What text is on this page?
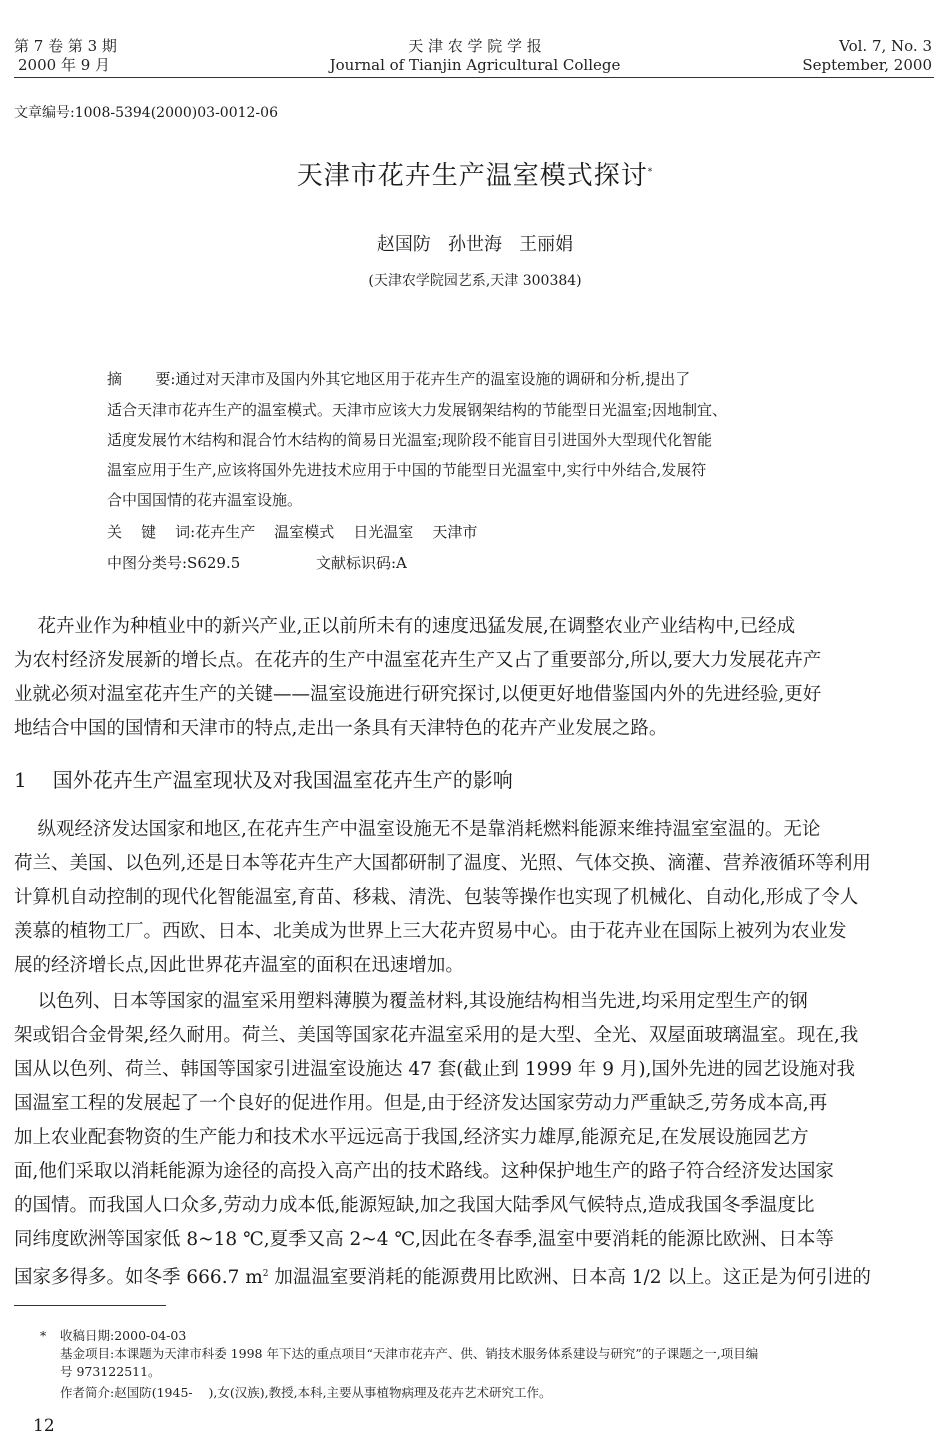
第 7 卷 第 3 期
2000 年 9 月
天 津 农 学 院 学 报
Journal of Tianjin Agricultural College
Vol. 7, No. 3
September, 2000
文章编号:1008-5394(2000)03-0012-06
天津市花卉生产温室模式探讨*
赵国防   孙世海   王丽娟
(天津农学院园艺系,天津 300384)
摘       要:通过对天津市及国内外其它地区用于花卉生产的温室设施的调研和分析,提出了
适合天津市花卉生产的温室模式。天津市应该大力发展钢架结构的节能型日光温室;因地制宜、
适度发展竹木结构和混合竹木结构的简易日光温室;现阶段不能盲目引进国外大型现代化智能
温室应用于生产,应该将国外先进技术应用于中国的节能型日光温室中,实行中外结合,发展符
合中国国情的花卉温室设施。
关    键    词:花卉生产    温室模式    日光温室    天津市
中图分类号:S629.5	文献标识码:A
花卉业作为种植业中的新兴产业,正以前所未有的速度迅猛发展,在调整农业产业结构中,已经成
为农村经济发展新的增长点。在花卉的生产中温室花卉生产又占了重要部分,所以,要大力发展花卉产
业就必须对温室花卉生产的关键——温室设施进行研究探讨,以便更好地借鉴国内外的先进经验,更好
地结合中国的国情和天津市的特点,走出一条具有天津特色的花卉产业发展之路。
1 国外花卉生产温室现状及对我国温室花卉生产的影响
纵观经济发达国家和地区,在花卉生产中温室设施无不是靠消耗燃料能源来维持温室室温的。无论
荷兰、美国、以色列,还是日本等花卉生产大国都研制了温度、光照、气体交换、滴灌、营养液循环等利用
计算机自动控制的现代化智能温室,育苗、移栽、清洗、包装等操作也实现了机械化、自动化,形成了令人
羡慕的植物工厂。西欧、日本、北美成为世界上三大花卉贸易中心。由于花卉业在国际上被列为农业发
展的经济增长点,因此世界花卉温室的面积在迅速增加。
以色列、日本等国家的温室采用塑料薄膜为覆盖材料,其设施结构相当先进,均采用定型生产的钢
架或铝合金骨架,经久耐用。荷兰、美国等国家花卉温室采用的是大型、全光、双屋面玻璃温室。现在,我
国从以色列、荷兰、韩国等国家引进温室设施达 47 套(截止到 1999 年 9 月),国外先进的园艺设施对我
国温室工程的发展起了一个良好的促进作用。但是,由于经济发达国家劳动力严重缺乏,劳务成本高,再
加上农业配套物资的生产能力和技术水平远远高于我国,经济实力雄厚,能源充足,在发展设施园艺方
面,他们采取以消耗能源为途径的高投入高产出的技术路线。这种保护地生产的路子符合经济发达国家
的国情。而我国人口众多,劳动力成本低,能源短缺,加之我国大陆季风气候特点,造成我国冬季温度比
同纬度欧洲等国家低 8~18 ℃,夏季又高 2~4 ℃,因此在冬春季,温室中要消耗的能源比欧洲、日本等
国家多得多。如冬季 666.7 $m^2$ 加温温室要消耗的能源费用比欧洲、日本高 1/2 以上。这正是为何引进的
* 收稿日期:2000-04-03
基金项目:本课题为天津市科委 1998 年下达的重点项目“天津市花卉产、供、销技术服务体系建设与研究”的子课题之一,项目编
号 973122511。
作者简介:赵国防(1945-    ),女(汉族),教授,本科,主要从事植物病理及花卉艺术研究工作。
12
